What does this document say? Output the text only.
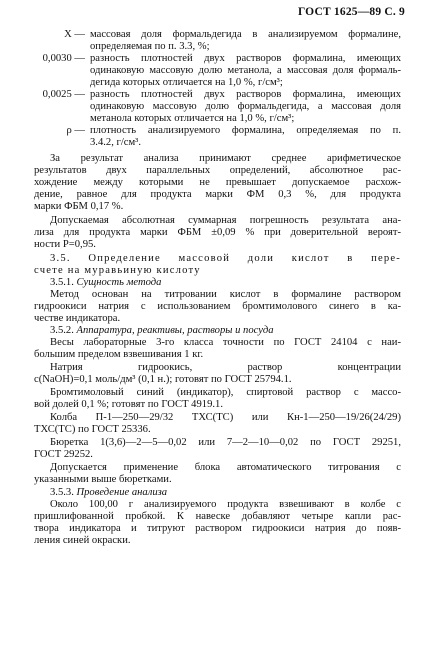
ГОСТ 1625—89 С. 9
X — массовая доля формальдегида в анализируемом формалине,
определяемая по п. 3.3, %;
0,0030 — разность плотностей двух растворов формалина, имеющих
одинаковую массовую долю метанола, а массовая доля формаль-
дегида которых отличается на 1,0 %, г/см³;
0,0025 — разность плотностей двух растворов формалина, имеющих
одинаковую массовую долю формальдегида, а массовая доля
метанола которых отличается на 1,0 %, г/см³;
ρ — плотность анализируемого формалина, определяемая по п.
3.4.2, г/см³.
За результат анализа принимают среднее арифметическое
результатов двух параллельных определений, абсолютное рас-
хождение между которыми не превышает допускаемое расхож-
дение, равное для продукта марки ФМ 0,3 %, для продукта
марки ФБМ 0,17 %.
Допускаемая абсолютная суммарная погрешность результата ана-
лиза для продукта марки ФБМ ±0,09 % при доверительной вероят-
ности P=0,95.
3.5. Определение массовой доли кислот в пере-
счете на муравьиную кислоту
3.5.1. Сущность метода
Метод основан на титровании кислот в формалине раствором
гидроокиси натрия с использованием бромтимолового синего в ка-
честве индикатора.
3.5.2. Аппаратура, реактивы, растворы и посуда
Весы лабораторные 3-го класса точности по ГОСТ 24104 с наи-
большим пределом взвешивания 1 кг.
Натрия гидроокись, раствор концентрации
c(NaOH)=0,1 моль/дм³ (0,1 н.); готовят по ГОСТ 25794.1.
Бромтимоловый синий (индикатор), спиртовой раствор с массо-
вой долей 0,1 %; готовят по ГОСТ 4919.1.
Колба П-1—250—29/32 ТХС(ТС) или Кн-1—250—19/26(24/29)
ТХС(ТС) по ГОСТ 25336.
Бюретка 1(3,6)—2—5—0,02 или 7—2—10—0,02 по ГОСТ 29251,
ГОСТ 29252.
Допускается применение блока автоматического титрования с
указанными выше бюретками.
3.5.3. Проведение анализа
Около 100,00 г анализируемого продукта взвешивают в колбе с
пришлифованной пробкой. К навеске добавляют четыре капли рас-
твора индикатора и титруют раствором гидроокиси натрия до появ-
ления синей окраски.
